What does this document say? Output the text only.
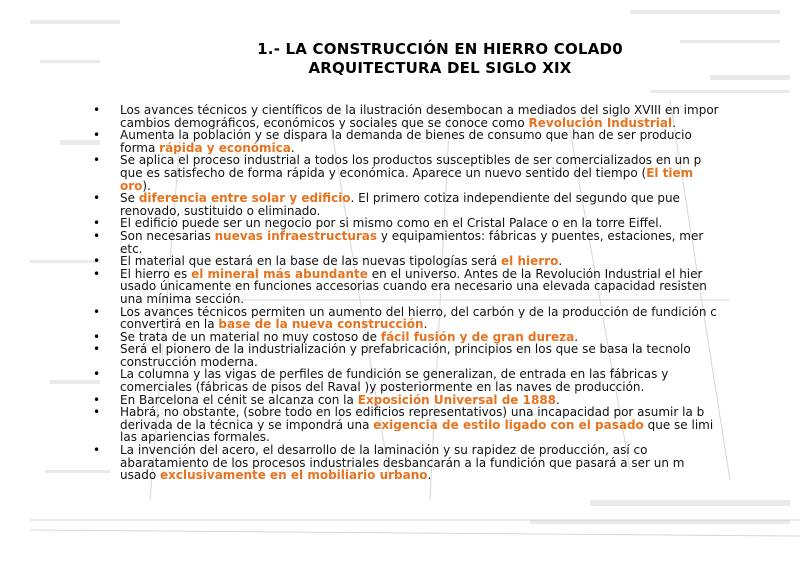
1.- LA CONSTRUCCIÓN EN HIERRO COLAD0
ARQUITECTURA DEL SIGLO XIX
• Los avances técnicos y científicos de la ilustración desembocan a mediados del siglo XVIII en impor
cambios demográficos, económicos y sociales que se conoce como Revolución Industrial.
• Aumenta la población y se dispara la demanda de bienes de consumo que han de ser producio
forma rápida y económica.
• Se aplica el proceso industrial a todos los productos susceptibles de ser comercializados en un p
que es satisfecho de forma rápida y económica. Aparece un nuevo sentido del tiempo (El tiem
oro).
• Se diferencia entre solar y edificio. El primero cotiza independiente del segundo que pue
renovado, sustituido o eliminado.
• El edificio puede ser un negocio por si mismo como en el Cristal Palace o en la torre Eiffel.
• Son necesarias nuevas infraestructuras y equipamientos: fábricas y puentes, estaciones, mer
etc.
• El material que estará en la base de las nuevas tipologías será el hierro.
• El hierro es el mineral más abundante en el universo. Antes de la Revolución Industrial el hier
usado únicamente en funciones accesorias cuando era necesario una elevada capacidad resisten
una mínima sección.
• Los avances técnicos permiten un aumento del hierro, del carbón y de la producción de fundición c
convertirá en la base de la nueva construcción.
• Se trata de un material no muy costoso de fácil fusión y de gran dureza.
• Será el pionero de la industrialización y prefabricación, principios en los que se basa la tecnolo
construcción moderna.
• La columna y las vigas de perfiles de fundición se generalizan, de entrada en las fábricas y
comerciales (fábricas de pisos del Raval )y posteriormente en las naves de producción.
• En Barcelona el cénit se alcanza con la Exposición Universal de 1888.
• Habrá, no obstante, (sobre todo en los edificios representativos) una incapacidad por asumir la b
derivada de la técnica y se impondrá una exigencia de estilo ligado con el pasado que se limi
las apariencias formales.
• La invención del acero, el desarrollo de la laminación y su rapidez de producción, así co
abaratamiento de los procesos industriales desbancarán a la fundición que pasará a ser un m
usado exclusivamente en el mobiliario urbano.
